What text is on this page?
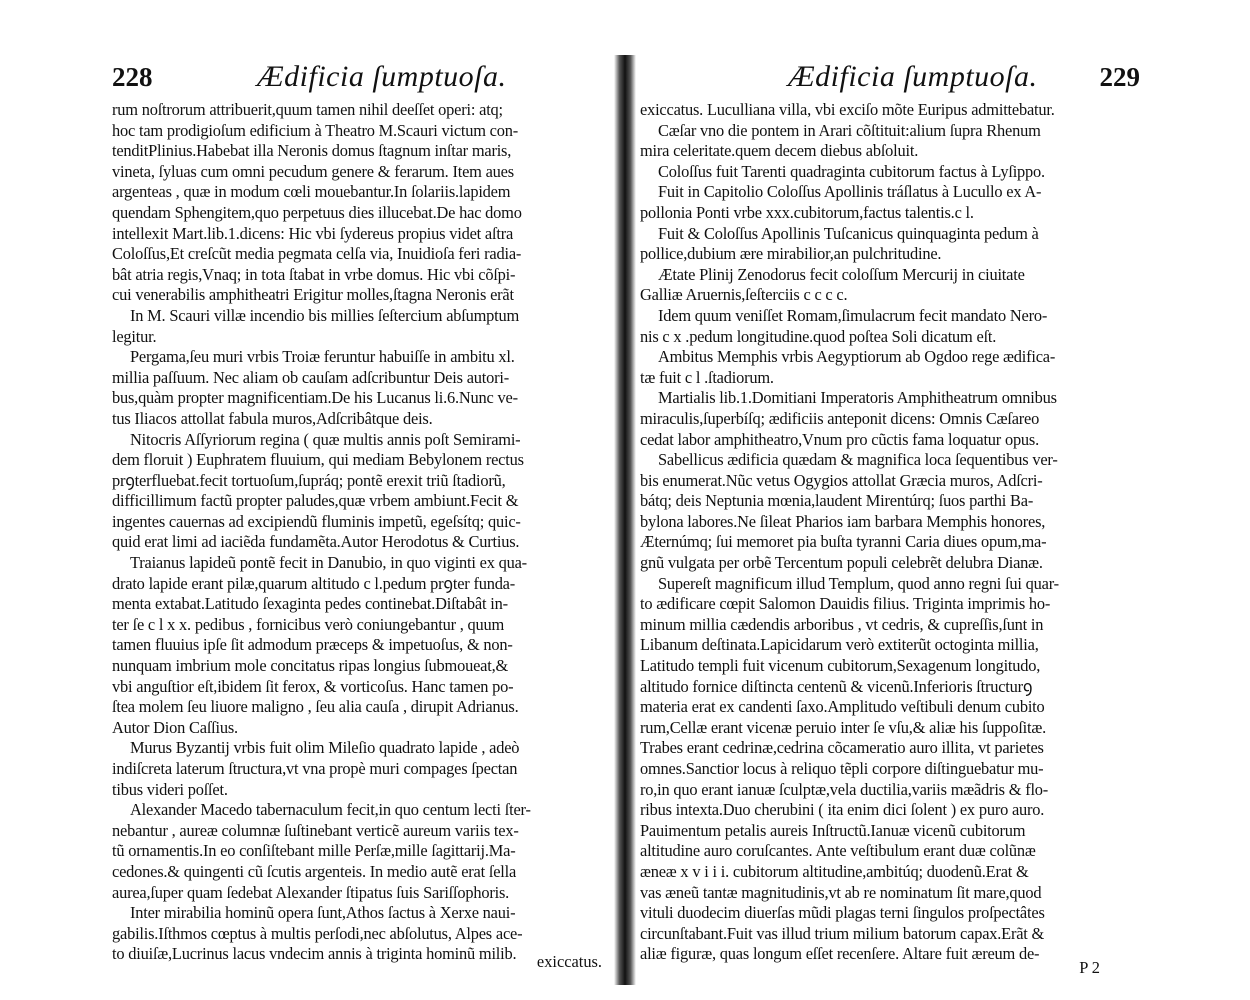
228	Ædificia ſumptuoſa.
rum noſtrorum attribuerit,quum tamen nihil deeſſet operi: atq;
hoc tam prodigioſum edificium à Theatro M.Scauri victum con-
tenditPlinius.Habebat illa Neronis domus ſtagnum inſtar maris,
vineta, ſyluas cum omni pecudum genere & ferarum. Item aues
argenteas , quæ in modum cœli mouebantur.In ſolariis.lapidem
quendam Sphengitem,quo perpetuus dies illucebat.De hac domo
intellexit Mart.lib.1.dicens: Hic vbi ſydereus propius videt aſtra
Coloſſus,Et creſcũt media pegmata celſa via, Inuidioſa feri radia-
bât atria regis,Vnaq; in tota ſtabat in vrbe domus. Hic vbi cõſpi-
cui venerabilis amphitheatri Erigitur molles,ſtagna Neronis erãt
In M. Scauri villæ incendio bis millies ſeſtercium abſumptum
legitur.
Pergama,ſeu muri vrbis Troiæ feruntur habuiſſe in ambitu xl.
millia paſſuum. Nec aliam ob cauſam adſcribuntur Deis autori-
bus,quàm propter magnificentiam.De his Lucanus li.6.Nunc ve-
tus Iliacos attollat fabula muros,Adſcribâtque deis.
Nitocris Aſſyriorum regina ( quæ multis annis poſt Semirami-
dem floruit ) Euphratem fluuium, qui mediam Bebylonem rectus
prꝯterfluebat.fecit tortuoſum,ſupráq; pontẽ erexit triũ ſtadiorũ,
difficillimum factũ propter paludes,quæ vrbem ambiunt.Fecit &
ingentes cauernas ad excipiendũ fluminis impetũ, egeſsítq; quic-
quid erat limi ad iaciẽda fundamẽta.Autor Herodotus & Curtius.
Traianus lapideũ pontẽ fecit in Danubio, in quo viginti ex qua-
drato lapide erant pilæ,quarum altitudo c l.pedum prꝯter funda-
menta extabat.Latitudo ſexaginta pedes continebat.Diſtabât in-
ter ſe c l x x. pedibus , fornicibus verò coniungebantur , quum
tamen fluuius ipſe ſit admodum præceps & impetuoſus, & non-
nunquam imbrium mole concitatus ripas longius ſubmoueat,&
vbi anguſtior eſt,ibidem ſit ferox, & vorticoſus. Hanc tamen po-
ſtea molem ſeu liuore maligno , ſeu alia cauſa , dirupit Adrianus.
Autor Dion Caſſius.
Murus Byzantij vrbis fuit olim Mileſio quadrato lapide , adeò
indiſcreta laterum ſtructura,vt vna propè muri compages ſpectan
tibus videri poſſet.
Alexander Macedo tabernaculum fecit,in quo centum lecti ſter-
nebantur , aureæ columnæ ſuſtinebant verticẽ aureum variis tex-
tũ ornamentis.In eo conſiſtebant mille Perſæ,mille ſagittarij.Ma-
cedones.& quingenti cũ ſcutis argenteis. In medio autẽ erat ſella
aurea,ſuper quam ſedebat Alexander ſtipatus ſuis Sariſſophoris.
Inter mirabilia hominũ opera ſunt,Athos ſactus à Xerxe naui-
gabilis.Iſthmos cœptus à multis perſodi,nec abſolutus, Alpes ace-
to diuiſæ,Lucrinus lacus vndecim annis à triginta hominũ milib.	exiccatus.
Ædificia ſumptuoſa. 229
exiccatus. Luculliana villa, vbi exciſo mõte Euripus admittebatur.
Cæſar vno die pontem in Arari cõſtituit:alium ſupra Rhenum
mira celeritate.quem decem diebus abſoluit.
Coloſſus fuit Tarenti quadraginta cubitorum factus à Lyſippo.
Fuit in Capitolio Coloſſus Apollinis tráſlatus à Lucullo ex A-
pollonia Ponti vrbe xxx.cubitorum,factus talentis.c l.
Fuit & Coloſſus Apollinis Tuſcanicus quinquaginta pedum à
pollice,dubium ære mirabilior,an pulchritudine.
Ætate Plinij Zenodorus fecit coloſſum Mercurij in ciuitate
Galliæ Aruernis,ſeſterciis c c c c.
Idem quum veniſſet Romam,ſimulacrum fecit mandato Nero-
nis c x .pedum longitudine.quod poſtea Soli dicatum eſt.
Ambitus Memphis vrbis Aegyptiorum ab Ogdoo rege ædifica-
tæ fuit c l .ſtadiorum.
Martialis lib.1.Domitiani Imperatoris Amphitheatrum omnibus
miraculis,ſuperbíſq; ædificiis anteponit dicens: Omnis Cæſareo
cedat labor amphitheatro,Vnum pro cũctis fama loquatur opus.
Sabellicus ædificia quædam & magnifica loca ſequentibus ver-
bis enumerat.Nũc vetus Ogygios attollat Græcia muros, Adſcri-
bátq; deis Neptunia mœnia,laudent Mirentúrq; ſuos parthi Ba-
bylona labores.Ne ſileat Pharios iam barbara Memphis honores,
Æternúmq; ſui memoret pia buſta tyranni Caria diues opum,ma-
gnũ vulgata per orbẽ Tercentum populi celebrẽt delubra Dianæ.
Supereſt magnificum illud Templum, quod anno regni ſui quar-
to ædificare cœpit Salomon Dauidis filius. Triginta imprimis ho-
minum millia cædendis arboribus , vt cedris, & cupreſſis,ſunt in
Libanum deſtinata.Lapicidarum verò extiterũt octoginta millia,
Latitudo templi fuit vicenum cubitorum,Sexagenum longitudo,
altitudo fornice diſtincta centenũ & vicenũ.Inferioris ſtructurꝯ
materia erat ex candenti ſaxo.Amplitudo veſtibuli denum cubito
rum,Cellæ erant vicenæ peruio inter ſe vſu,& aliæ his ſuppoſitæ.
Trabes erant cedrinæ,cedrina cõcameratio auro illita, vt parietes
omnes.Sanctior locus à reliquo tẽpli corpore diſtinguebatur mu-
ro,in quo erant ianuæ ſculptæ,vela ductilia,variis mæãdris & flo-
ribus intexta.Duo cherubini ( ita enim dici ſolent ) ex puro auro.
Pauimentum petalis aureis Inſtructũ.Ianuæ vicenũ cubitorum
altitudine auro coruſcantes. Ante veſtibulum erant duæ colũnæ
æneæ x v i i i. cubitorum altitudine,ambitúq; duodenũ.Erat &
vas æneũ tantæ magnitudinis,vt ab re nominatum ſit mare,quod
vituli duodecim diuerſas mũdi plagas terni ſingulos proſpectâtes
circunſtabant.Fuit vas illud trium milium batorum capax.Erãt &
aliæ figuræ, quas longum eſſet recenſere. Altare fuit æreum de-
P 2
